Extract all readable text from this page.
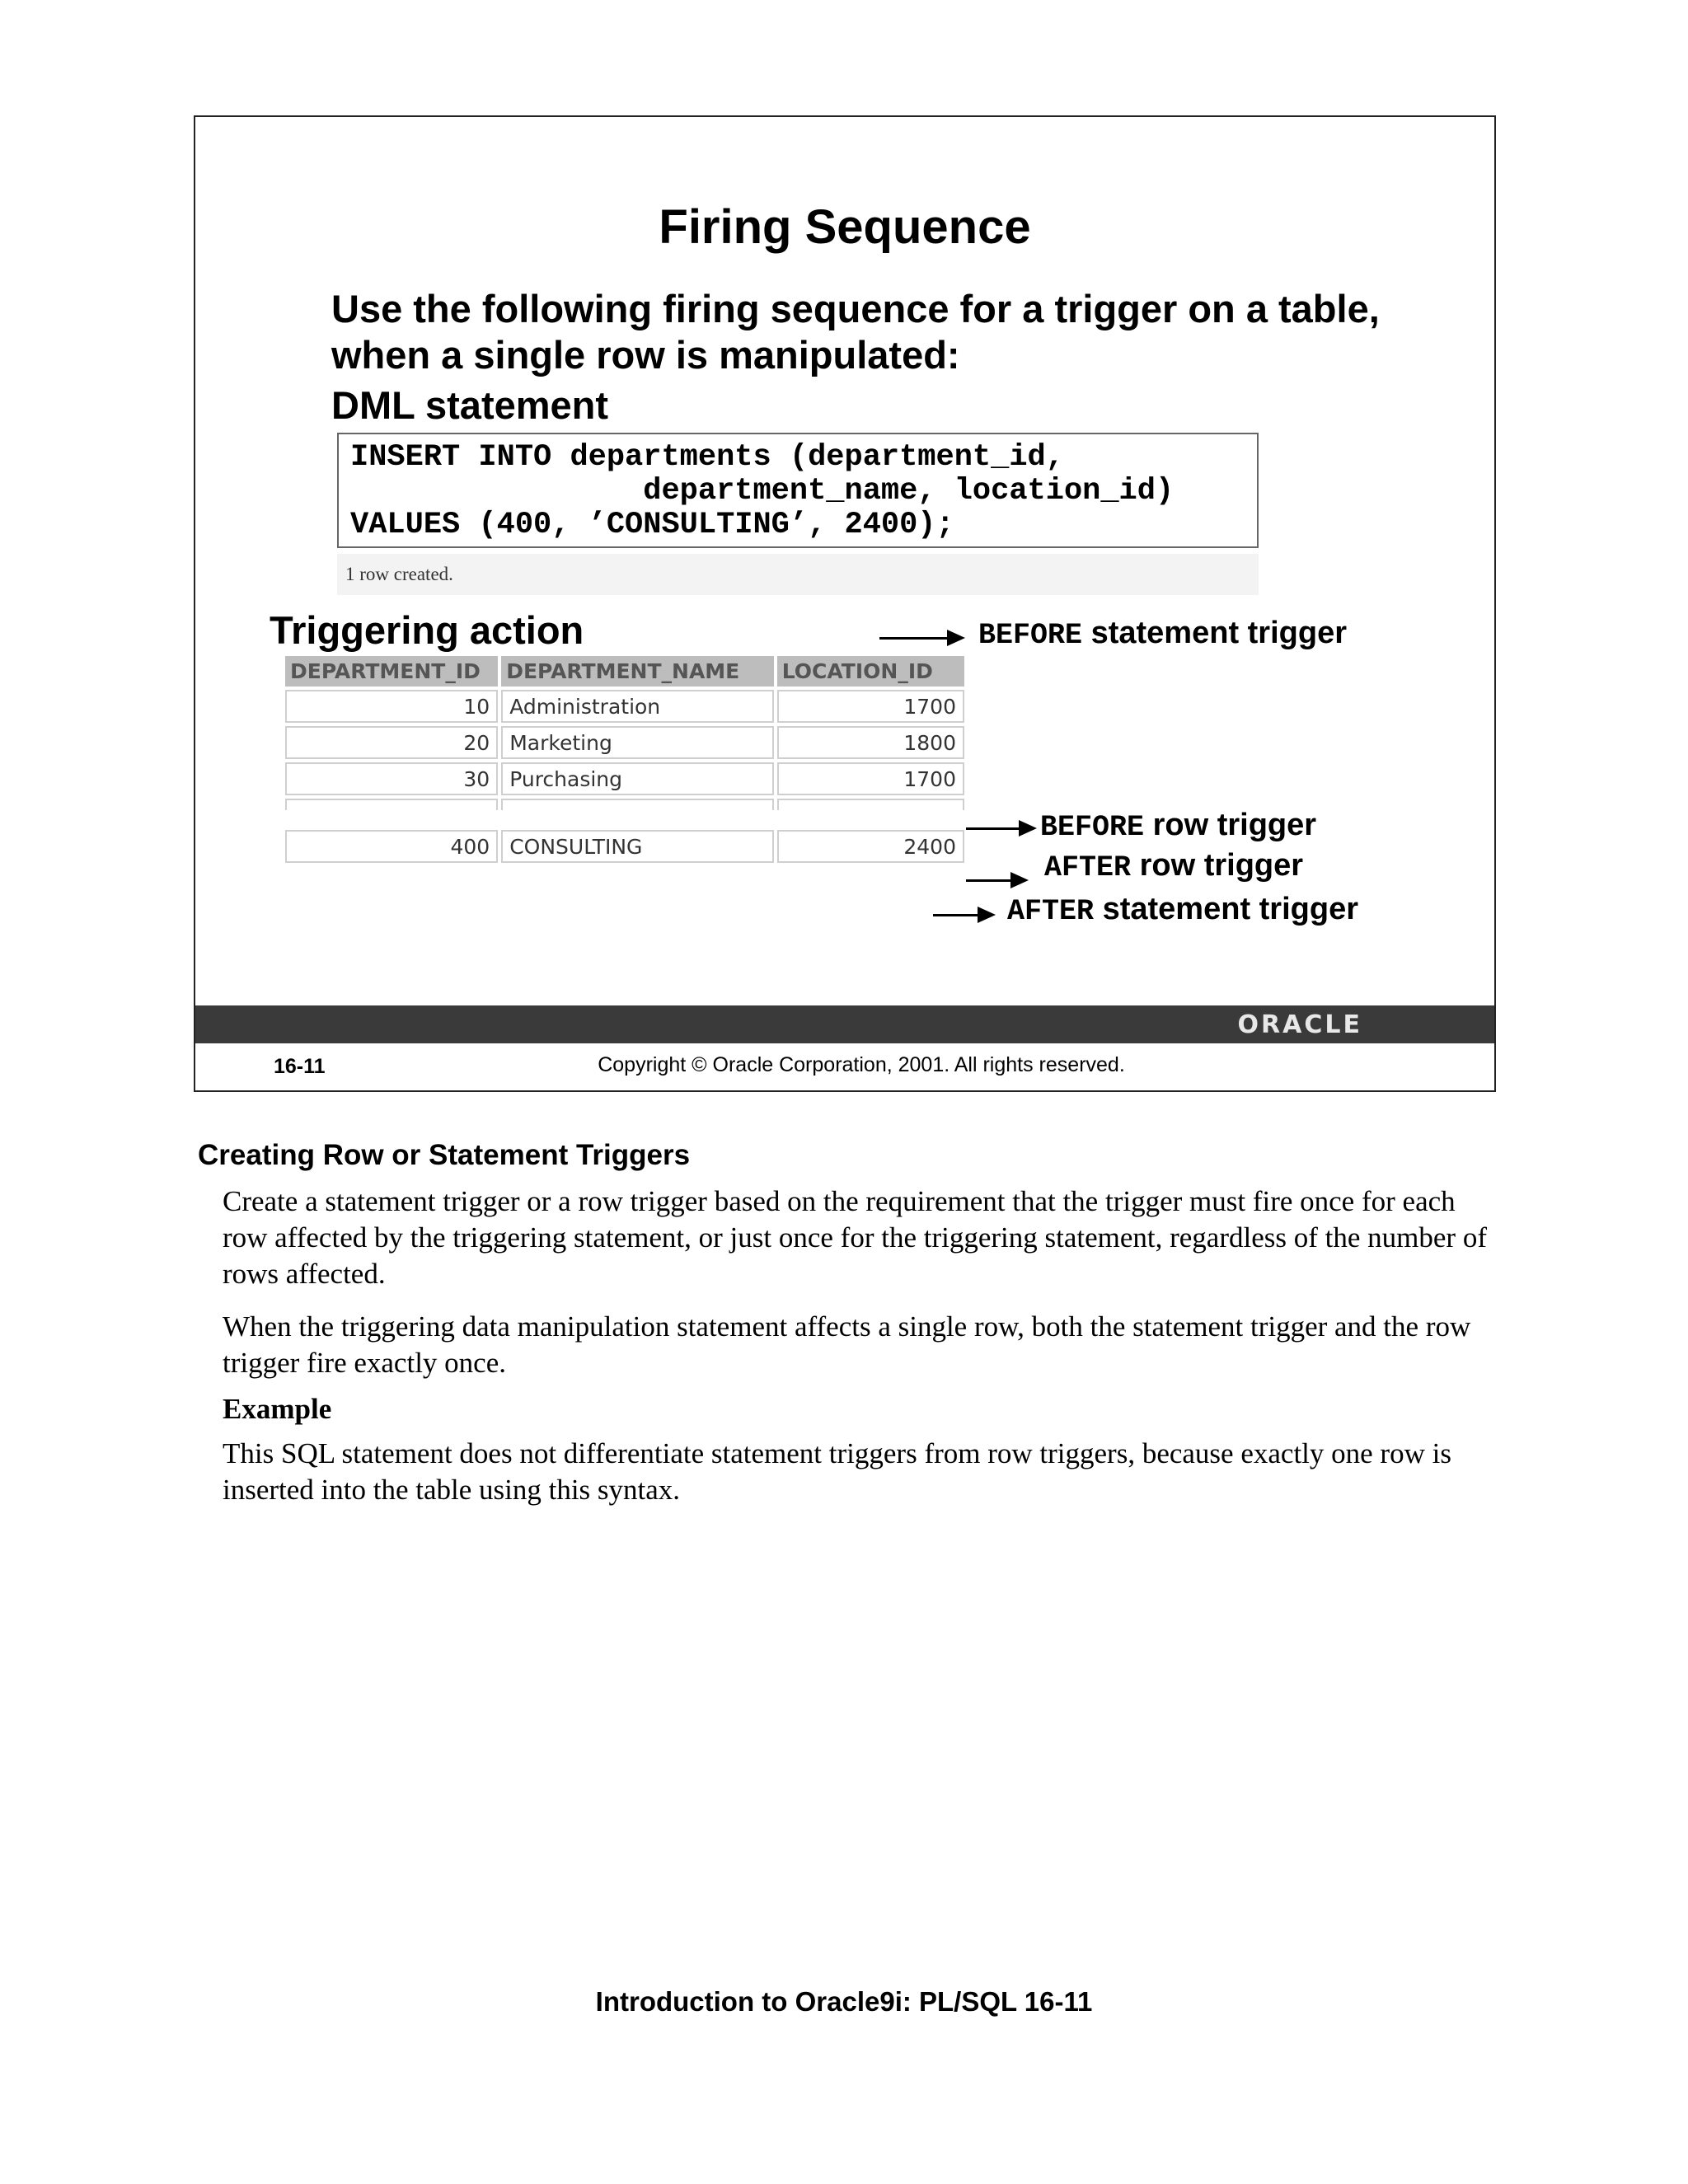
Firing Sequence
Use the following firing sequence for a trigger on a table, when a single row is manipulated:
DML statement
INSERT INTO departments (department_id,
department_name, location_id)
VALUES (400, ’CONSULTING’, 2400);
1 row created.
Triggering action
DEPARTMENT_ID	DEPARTMENT_NAME	LOCATION_ID
10	Administration	1700
20	Marketing	1800
30	Purchasing	1700

400	CONSULTING	2400
BEFORE statement trigger
BEFORE row trigger
AFTER row trigger
AFTER statement trigger
ORACLE
16-11	Copyright © Oracle Corporation, 2001. All rights reserved.
Creating Row or Statement Triggers
Create a statement trigger or a row trigger based on the requirement that the trigger must fire once for each row affected by the triggering statement, or just once for the triggering statement, regardless of the number of rows affected.
When the triggering data manipulation statement affects a single row, both the statement trigger and the row trigger fire exactly once.
Example
This SQL statement does not differentiate statement triggers from row triggers, because exactly one row is inserted into the table using this syntax.
Introduction to Oracle9i: PL/SQL 16-11
